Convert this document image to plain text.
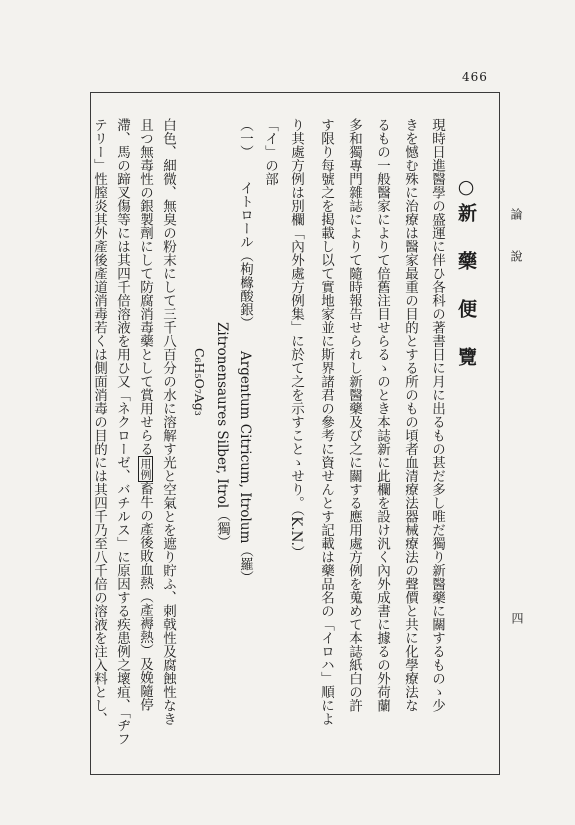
466
論說
四
○新　藥　便　覽
現時日進醫學の盛運に伴ひ各科の著書日に月に出るもの甚だ多し唯だ獨り新醫藥に關するものゝ少
きを憾む殊に治療は醫家最重の目的とする所のもの頃者血清療法器械療法の聲價と共に化學療法な
るもの一般醫家によりて倍舊注目せらるゝのとき本誌新に此欄を設け汎く內外成書に據るの外荷蘭
多和獨專門雜誌によりて隨時報告せられし新醫藥及び之に關する應用處方例を蒐めて本誌紙白の許
す限り每號之を掲載し以て實地家並に斯界諸君の參考に資せんとす記載は藥品名の「イロハ」順によ
り其處方例は別欄「內外處方例集」に於て之を示すことゝせり。（K.N.）
「イ」の部
（一）イトロール（枸櫞酸銀）Argentum Citricum, Itrolum（羅）
Zitronensaures Silber, Itrol（獨）
C₆H₅O₇Ag₃
白色、細微、無臭の粉末にして三千八百分の水に溶解す光と空氣とを遮り貯ふ、刺戟性及腐蝕性なき
且つ無毒性の銀製劑にして防腐消毒藥として賞用せらる用例畜牛の產後敗血熱（產褥熱）及娩隨停
滯、馬の蹄叉傷等には其四千倍溶液を用ひ又「ネクローゼ、バチルス」に原因する疾患例之壞疽、「ヂフ
テリー」性膣炎其外產後產道消毒若くは側面消毒の目的には其四千乃至八千倍の溶液を注入料とし、
